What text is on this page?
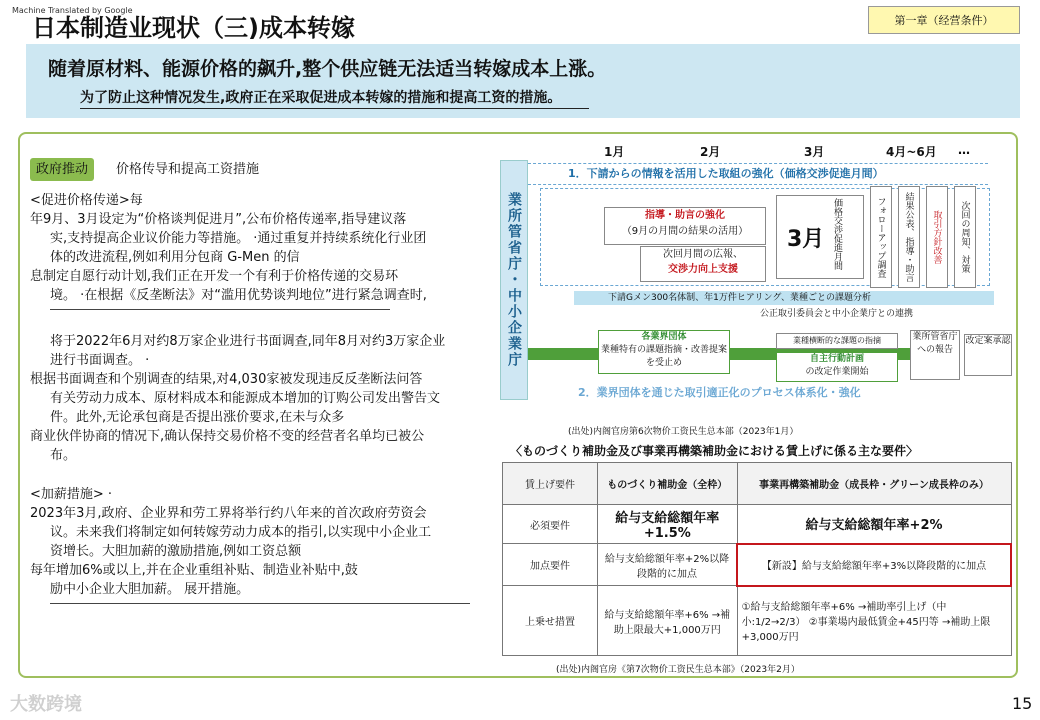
Machine Translated by Google
日本制造业现状（三)成本转嫁	第一章（经营条件）
随着原材料、能源价格的飙升,整个供应链无法适当转嫁成本上涨。
为了防止这种情况发生,政府正在采取促进成本转嫁的措施和提高工资的措施。

政府推动 价格传导和提高工资措施

<促进价格传递>每

年9月、3月设定为“价格谈判促进月”,公布价格传递率,指导建议落

实,支持提高企业议价能力等措施。 ·通过重复并持续系统化行业团

体的改进流程,例如利用分包商 G-Men 的信

息制定自愿行动计划,我们正在开发一个有利于价格传递的交易环

境。 ·在根据《反垄断法》对“滥用优势谈判地位”进行紧急调查时,

将于2022年6月对约8万家企业进行书面调查,同年8月对约3万家企业

进行书面调查。 ·

根据书面调查和个别调查的结果,对4,030家被发现违反反垄断法问答

有关劳动力成本、原材料成本和能源成本增加的订购公司发出警告文

件。此外,无论承包商是否提出涨价要求,在未与众多

商业伙伴协商的情况下,确认保持交易价格不变的经营者名单均已被公

布。

<加薪措施> ·

2023年3月,政府、企业界和劳工界将举行约八年来的首次政府劳资会

议。未来我们将制定如何转嫁劳动力成本的指引,以实现中小企业工

资增长。大胆加薪的激励措施,例如工资总额

每年增加6%或以上,并在企业重组补贴、制造业补贴中,鼓

励中小企业大胆加薪。 展开措施。

1月	2月	3月	4月~6月 …
業所管省庁・中小企業庁
1．下請からの情報を活用した取組の強化（価格交渉促進月間）
指導・助言の強化
（9月の月間の結果の活用）
次回月間の広報、
交渉力向上支援
3月 価格交渉促進月間	フォローアップ調査	結果公表、指導・助言	取引方針改善	次回の周知、対策
下請Gメン300名体制、年1万件ヒアリング、業種ごとの課題分析
公正取引委員会と中小企業庁との連携
各業界団体
業種特有の課題指摘・改善提案を受止め
業種横断的な課題の指摘
自主行動計画
の改定作業開始
業所管省庁への報告
改定案承認
2．業界団体を通じた取引適正化のプロセス体系化・強化
(出处)内阁官房第6次物价工资民生总本部（2023年1月）
〈ものづくり補助金及び事業再構築補助金における賃上げに係る主な要件〉
賃上げ要件	ものづくり補助金（全枠）	事業再構築補助金（成長枠・グリーン成長枠のみ）
必須要件	給与支給総額年率+1.5%	給与支給総額年率+2%
加点要件	給与支給総額年率+2%以降段階的に加点	【新設】給与支給総額年率+3%以降段階的に加点
上乗せ措置	給与支給総額年率+6% →補助上限最大+1,000万円	①給与支給総額年率+6% →補助率引上げ（中小:1/2→2/3） ②事業場内最低賃金+45円等 →補助上限+3,000万円
(出处)内阁官房《第7次物价工资民生总本部》（2023年2月）
大数跨境	15
